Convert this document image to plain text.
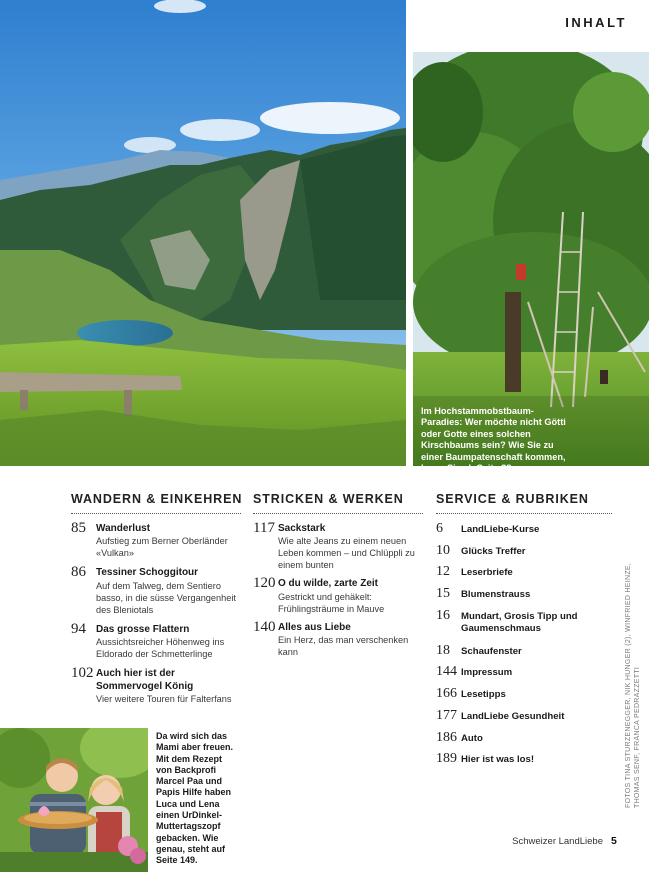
INHALT
Im Hochstammobstbaum-Paradies: Wer möchte nicht Götti oder Gotte eines solchen Kirschbaums sein? Wie Sie zu einer Baumpatenschaft kommen, lesen Sie ab Seite 38.
WANDERN & EINKEHREN
85 Wanderlust
Aufstieg zum Berner Oberländer «Vulkan»
86 Tessiner Schoggitour
Auf dem Talweg, dem Sentiero basso, in die süsse Vergangenheit des Bleniotals
94 Das grosse Flattern
Aussichtsreicher Höhenweg ins Eldorado der Schmetterlinge
102 Auch hier ist der Sommervogel König
Vier weitere Touren für Falterfans
STRICKEN & WERKEN
117 Sackstark
Wie alte Jeans zu einem neuen Leben kommen – und Chlüppli zu einem bunten
120 O du wilde, zarte Zeit
Gestrickt und gehäkelt: Frühlingsträume in Mauve
140 Alles aus Liebe
Ein Herz, das man verschenken kann
SERVICE & RUBRIKEN
6 LandLiebe-Kurse
10 Glücks Treffer
12 Leserbriefe
15 Blumenstrauss
16 Mundart, Grosis Tipp und Gaumenschmaus
18 Schaufenster
144 Impressum
166 Lesetipps
177 LandLiebe Gesundheit
186 Auto
189 Hier ist was los!
Da wird sich das Mami aber freuen. Mit dem Rezept von Backprofi Marcel Paa und Papis Hilfe haben Luca und Lena einen UrDinkel-Muttertagszopf gebacken. Wie genau, steht auf Seite 149.
FOTOS TINA STURZENEGGER, NIK HUNGER (2), WINFRIED HEINZE, THOMAS SENF, FRANCA PEDRAZZETTI
Schweizer LandLiebe 5
